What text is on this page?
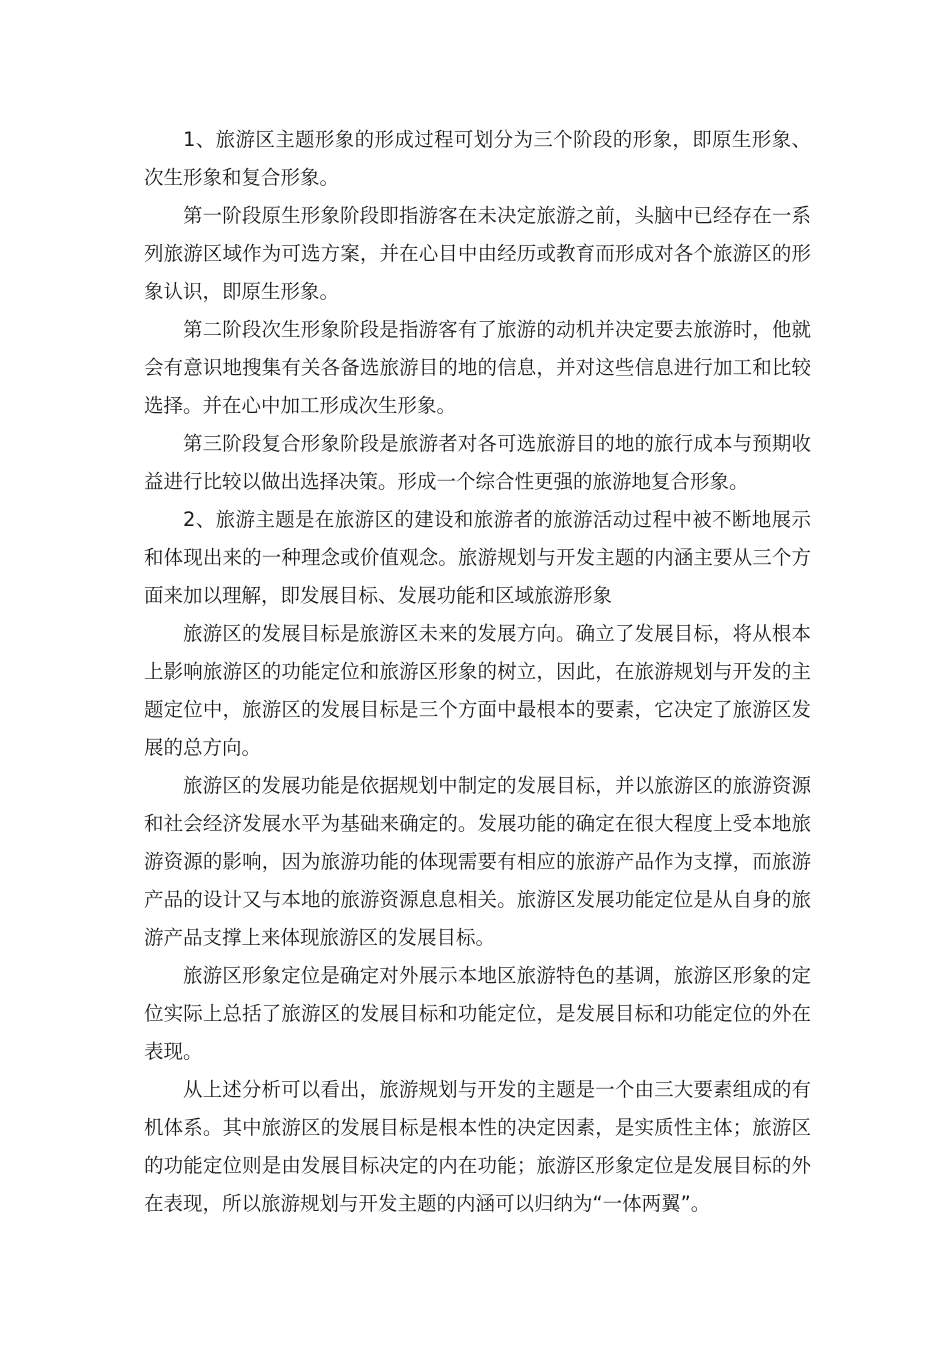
1、旅游区主题形象的形成过程可划分为三个阶段的形象，即原生形象、次生形象和复合形象。

第一阶段原生形象阶段即指游客在未决定旅游之前，头脑中已经存在一系列旅游区域作为可选方案，并在心目中由经历或教育而形成对各个旅游区的形象认识，即原生形象。

第二阶段次生形象阶段是指游客有了旅游的动机并决定要去旅游时，他就会有意识地搜集有关各备选旅游目的地的信息，并对这些信息进行加工和比较选择。并在心中加工形成次生形象。

第三阶段复合形象阶段是旅游者对各可选旅游目的地的旅行成本与预期收益进行比较以做出选择决策。形成一个综合性更强的旅游地复合形象。

2、旅游主题是在旅游区的建设和旅游者的旅游活动过程中被不断地展示和体现出来的一种理念或价值观念。旅游规划与开发主题的内涵主要从三个方面来加以理解，即发展目标、发展功能和区域旅游形象

旅游区的发展目标是旅游区未来的发展方向。确立了发展目标，将从根本上影响旅游区的功能定位和旅游区形象的树立，因此，在旅游规划与开发的主题定位中，旅游区的发展目标是三个方面中最根本的要素，它决定了旅游区发展的总方向。

旅游区的发展功能是依据规划中制定的发展目标，并以旅游区的旅游资源和社会经济发展水平为基础来确定的。发展功能的确定在很大程度上受本地旅游资源的影响，因为旅游功能的体现需要有相应的旅游产品作为支撑，而旅游产品的设计又与本地的旅游资源息息相关。旅游区发展功能定位是从自身的旅游产品支撑上来体现旅游区的发展目标。

旅游区形象定位是确定对外展示本地区旅游特色的基调，旅游区形象的定位实际上总括了旅游区的发展目标和功能定位，是发展目标和功能定位的外在表现。

从上述分析可以看出，旅游规划与开发的主题是一个由三大要素组成的有机体系。其中旅游区的发展目标是根本性的决定因素，是实质性主体；旅游区的功能定位则是由发展目标决定的内在功能；旅游区形象定位是发展目标的外在表现，所以旅游规划与开发主题的内涵可以归纳为“一体两翼”。
